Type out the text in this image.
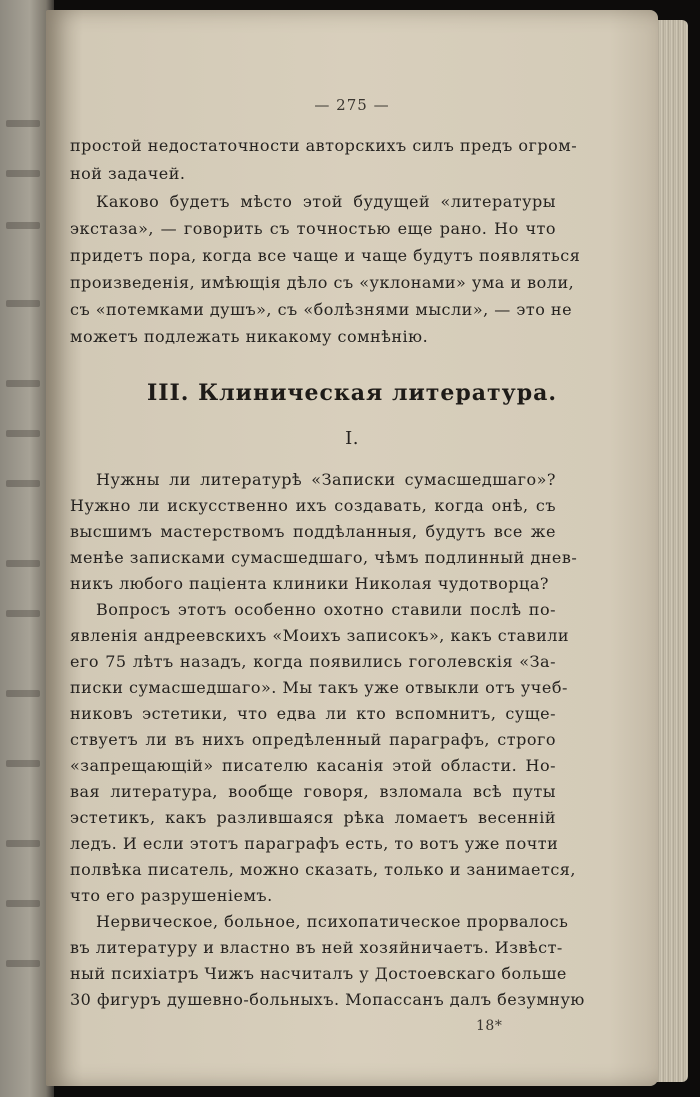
— 275 —
простой недостаточности авторскихъ силъ предъ огром-
ной задачей.
Каково будетъ мѣсто этой будущей «литературы
экстаза», — говорить съ точностью еще рано. Но что
придетъ пора, когда все чаще и чаще будутъ появляться
произведенія, имѣющія дѣло съ «уклонами» ума и воли,
съ «потемками душъ», съ «болѣзнями мысли», — это не
можетъ подлежать никакому сомнѣнію.
III. Клиническая литература.
I.
Нужны ли литературѣ «Записки сумасшедшаго»?
Нужно ли искусственно ихъ создавать, когда онѣ, съ
высшимъ мастерствомъ поддѣланныя, будутъ все же
менѣе записками сумасшедшаго, чѣмъ подлинный днев-
никъ любого паціента клиники Николая чудотворца?
Вопросъ этотъ особенно охотно ставили послѣ по-
явленія андреевскихъ «Моихъ записокъ», какъ ставили
его 75 лѣтъ назадъ, когда появились гоголевскія «За-
писки сумасшедшаго». Мы такъ уже отвыкли отъ учеб-
никовъ эстетики, что едва ли кто вспомнитъ, суще-
ствуетъ ли въ нихъ опредѣленный параграфъ, строго
«запрещающій» писателю касанія этой области. Но-
вая литература, вообще говоря, взломала всѣ путы
эстетикъ, какъ разлившаяся рѣка ломаетъ весенній
ледъ. И если этотъ параграфъ есть, то вотъ уже почти
полвѣка писатель, можно сказать, только и занимается,
что его разрушеніемъ.
Нервическое, больное, психопатическое прорвалось
въ литературу и властно въ ней хозяйничаетъ. Извѣст-
ный психіатръ Чижъ насчиталъ у Достоевскаго больше
30 фигуръ душевно-больныхъ. Мопассанъ далъ безумную
18*
